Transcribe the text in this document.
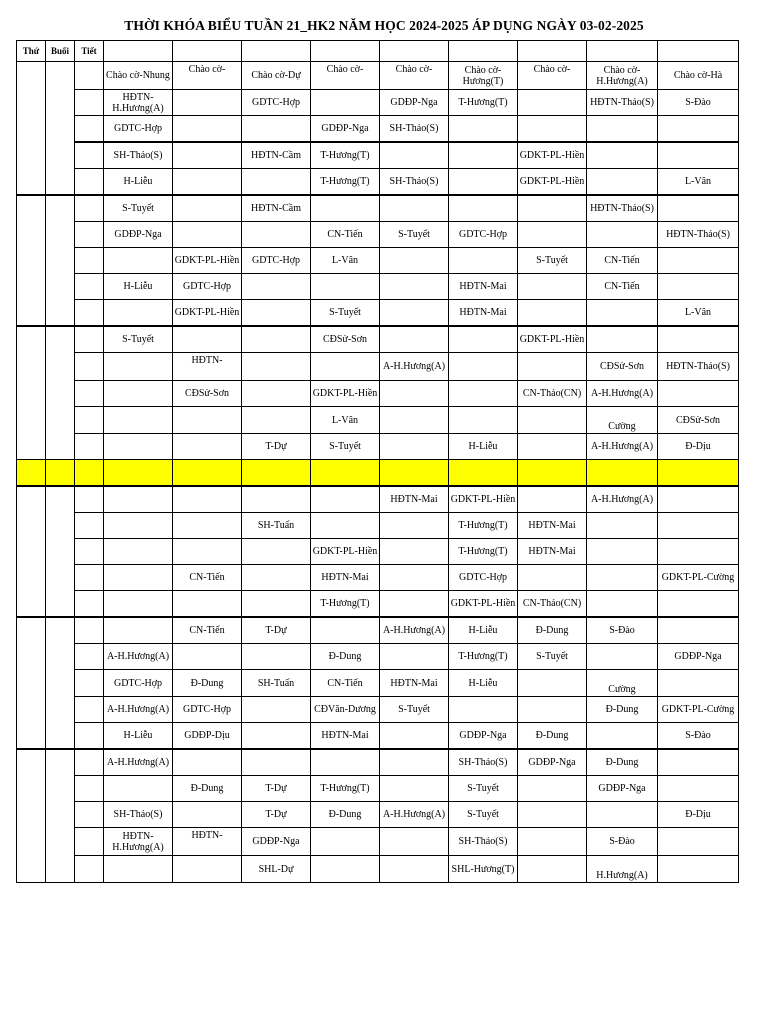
THỜI KHÓA BIỂU TUẦN 21_HK2 NĂM HỌC 2024-2025 ÁP DỤNG NGÀY 03-02-2025
Thứ	Buổi	Tiết									
			Chào cờ-Nhung	Chào cờ-	Chào cờ-Dự	Chào cờ-	Chào cờ-	Chào cờ-Hương(T)	Chào cờ-	Chào cờ-H.Hương(A)	Chào cờ-Hà
			HĐTN-H.Hương(A)		GDTC-Hợp		GDĐP-Nga	T-Hương(T)		HĐTN-Thảo(S)	S-Đào
			GDTC-Hợp			GDĐP-Nga	SH-Thảo(S)				
			SH-Thảo(S)		HĐTN-Cầm	T-Hương(T)			GDKT-PL-Hiền		
			H-Liễu			T-Hương(T)	SH-Thảo(S)		GDKT-PL-Hiền		L-Vân
			S-Tuyết		HĐTN-Cầm					HĐTN-Thảo(S)	
			GDĐP-Nga			CN-Tiến	S-Tuyết	GDTC-Hợp			HĐTN-Thảo(S)
				GDKT-PL-Hiền	GDTC-Hợp	L-Vân			S-Tuyết	CN-Tiến	
			H-Liễu	GDTC-Hợp				HĐTN-Mai		CN-Tiến	
				GDKT-PL-Hiền		S-Tuyết		HĐTN-Mai			L-Vân
			S-Tuyết			CĐSử-Sơn			GDKT-PL-Hiền		
				HĐTN-			A-H.Hương(A)			CĐSử-Sơn	HĐTN-Thảo(S)
				CĐSử-Sơn		GDKT-PL-Hiền			CN-Thảo(CN)	A-H.Hương(A)	
						L-Vân				Cường	CĐSử-Sơn
					T-Dự	S-Tuyết		H-Liễu		A-H.Hương(A)	Đ-Dịu

							HĐTN-Mai	GDKT-PL-Hiền		A-H.Hương(A)	
					SH-Tuấn			T-Hương(T)	HĐTN-Mai		
						GDKT-PL-Hiền		T-Hương(T)	HĐTN-Mai		
				CN-Tiến		HĐTN-Mai		GDTC-Hợp			GDKT-PL-Cường
						T-Hương(T)		GDKT-PL-Hiền	CN-Thảo(CN)		
				CN-Tiến	T-Dự		A-H.Hương(A)	H-Liễu	Đ-Dung	S-Đào	
			A-H.Hương(A)			Đ-Dung		T-Hương(T)	S-Tuyết		GDĐP-Nga
			GDTC-Hợp	Đ-Dung	SH-Tuấn	CN-Tiến	HĐTN-Mai	H-Liễu		Cường	
			A-H.Hương(A)	GDTC-Hợp		CĐVăn-Dương	S-Tuyết			Đ-Dung	GDKT-PL-Cường
			H-Liễu	GDĐP-Dịu		HĐTN-Mai		GDĐP-Nga	Đ-Dung		S-Đào
			A-H.Hương(A)					SH-Thảo(S)	GDĐP-Nga	Đ-Dung	
				Đ-Dung	T-Dự	T-Hương(T)		S-Tuyết		GDĐP-Nga	
			SH-Thảo(S)		T-Dự	Đ-Dung	A-H.Hương(A)	S-Tuyết			Đ-Dịu
			HĐTN-H.Hương(A)	HĐTN-	GDĐP-Nga			SH-Thảo(S)		S-Đào	
					SHL-Dự			SHL-Hương(T)		H.Hương(A)	
